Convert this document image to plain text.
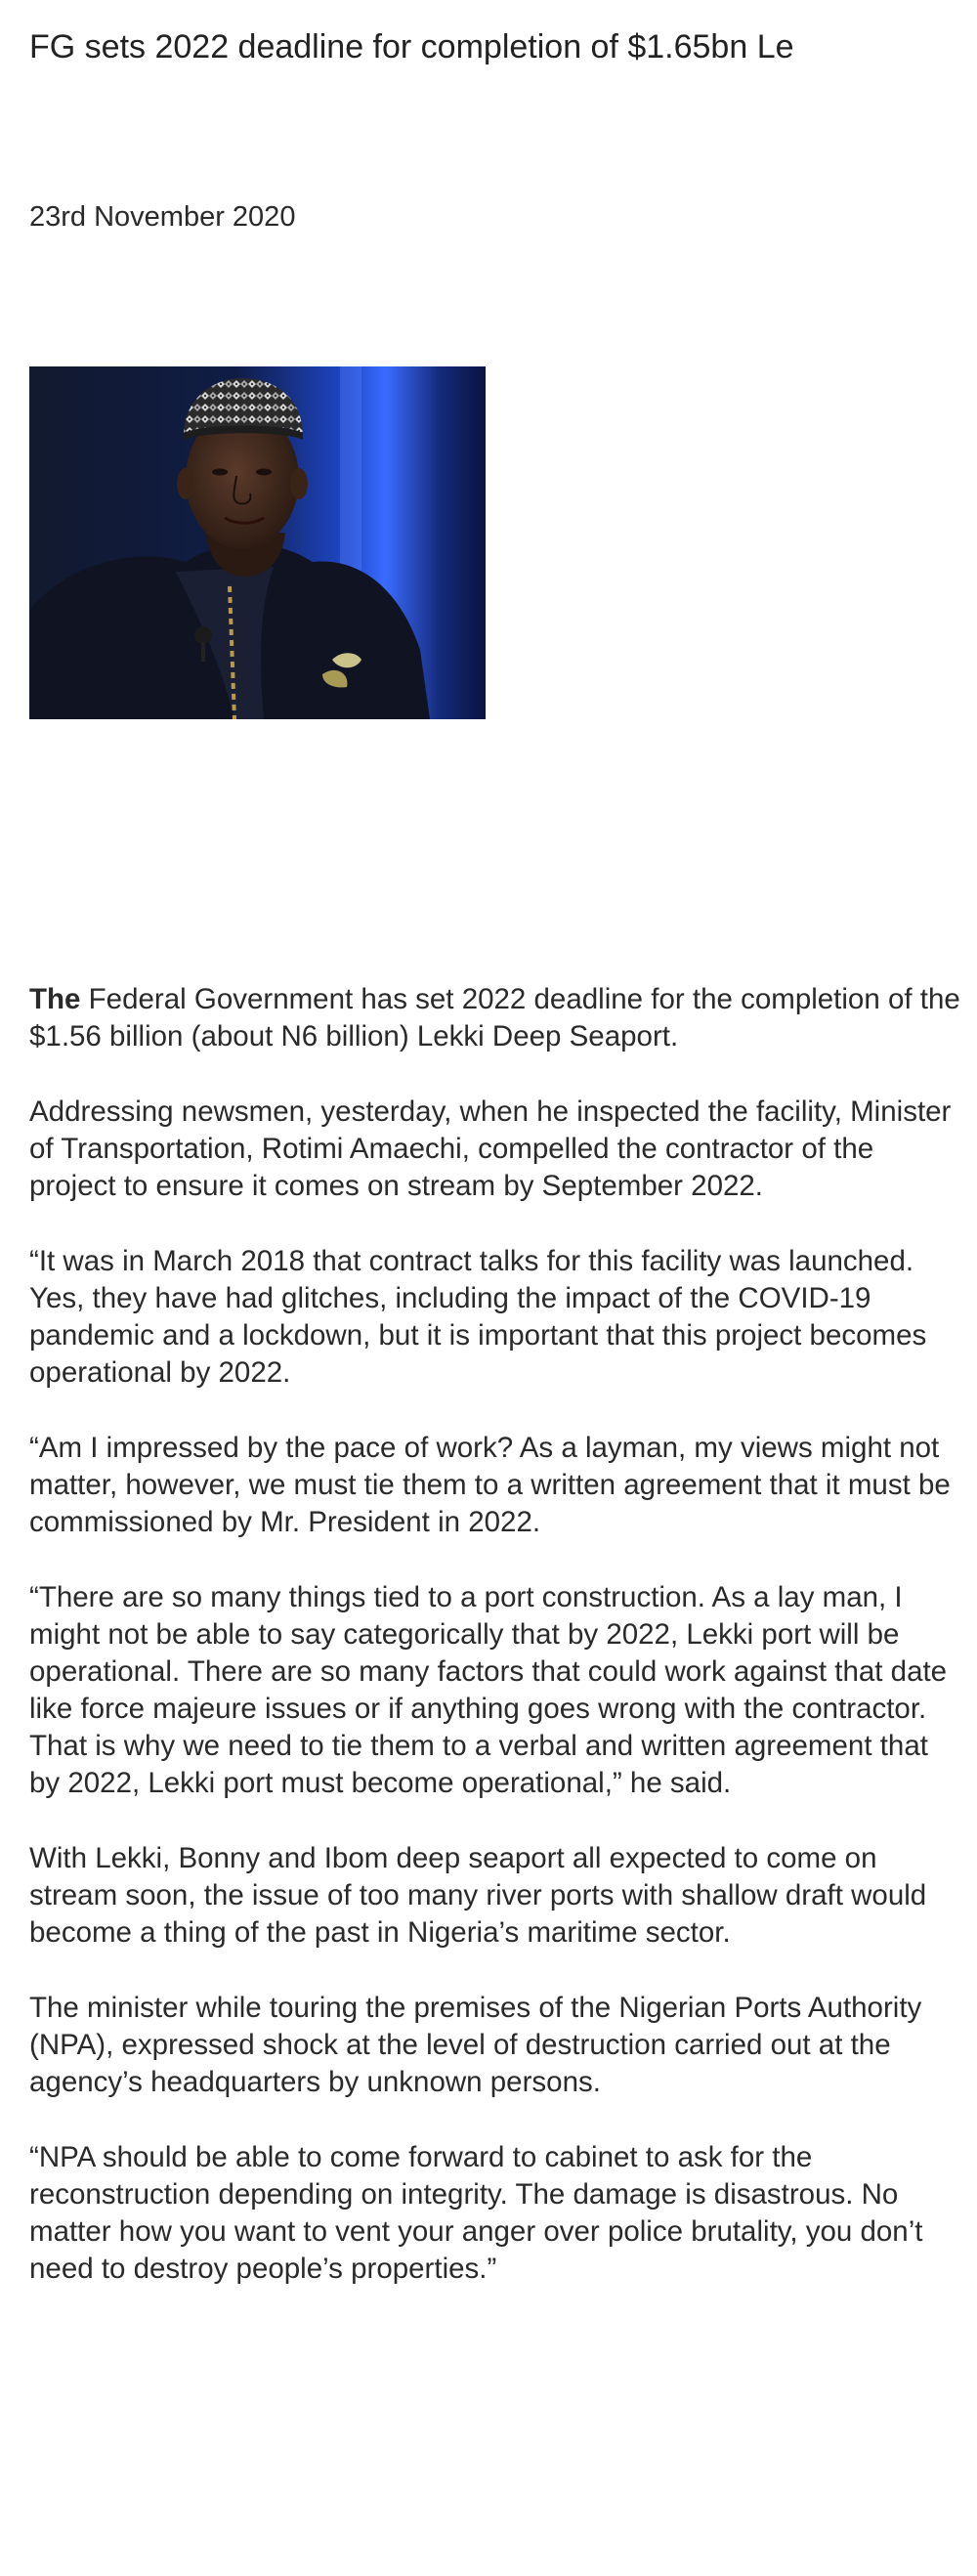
FG sets 2022 deadline for completion of $1.65bn Le
23rd November 2020

The Federal Government has set 2022 deadline for the completion of the $1.56 billion (about N6 billion) Lekki Deep Seaport.

Addressing newsmen, yesterday, when he inspected the facility, Minister of Transportation, Rotimi Amaechi, compelled the contractor of the project to ensure it comes on stream by September 2022.

“It was in March 2018 that contract talks for this facility was launched. Yes, they have had glitches, including the impact of the COVID-19 pandemic and a lockdown, but it is important that this project becomes operational by 2022.

“Am I impressed by the pace of work? As a layman, my views might not matter, however, we must tie them to a written agreement that it must be commissioned by Mr. President in 2022.

“There are so many things tied to a port construction. As a lay man, I might not be able to say categorically that by 2022, Lekki port will be operational. There are so many factors that could work against that date like force majeure issues or if anything goes wrong with the contractor. That is why we need to tie them to a verbal and written agreement that by 2022, Lekki port must become operational,” he said.

With Lekki, Bonny and Ibom deep seaport all expected to come on stream soon, the issue of too many river ports with shallow draft would become a thing of the past in Nigeria’s maritime sector.

The minister while touring the premises of the Nigerian Ports Authority (NPA), expressed shock at the level of destruction carried out at the agency’s headquarters by unknown persons.

“NPA should be able to come forward to cabinet to ask for the reconstruction depending on integrity. The damage is disastrous. No matter how you want to vent your anger over police brutality, you don’t need to destroy people’s properties.”
